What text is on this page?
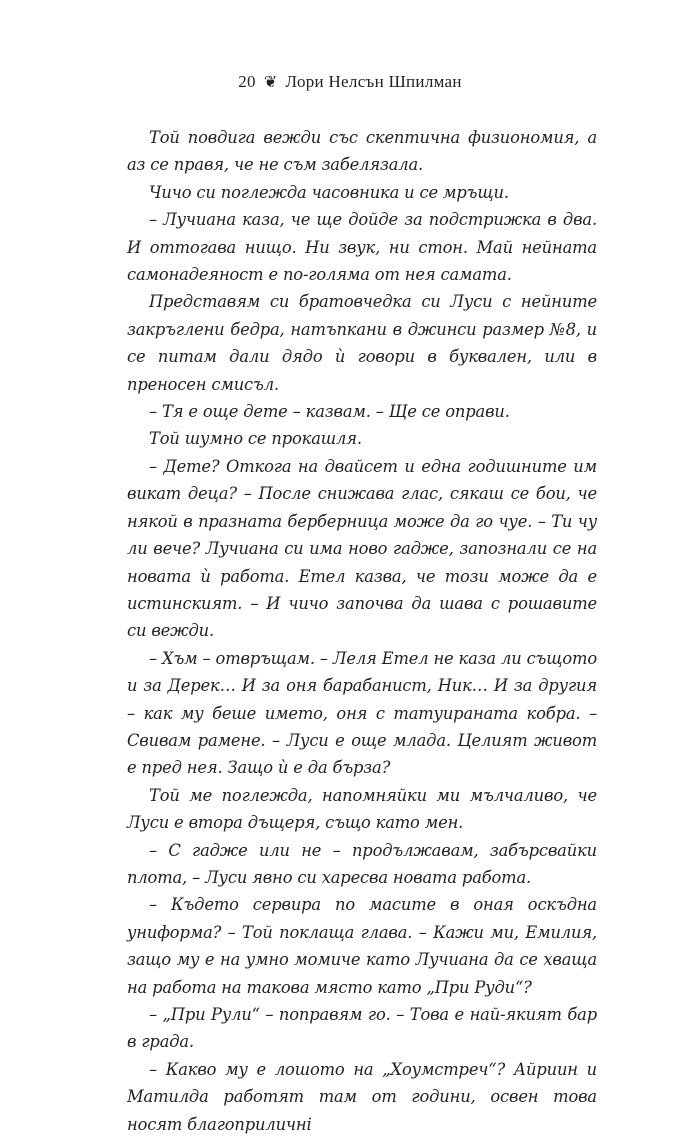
20 ❦ Лори Нелсън Шпилман

Той повдига вежди със скептична физиономия, а аз се правя, че не съм забелязала.

Чичо си поглежда часовника и се мръщи.

– Лучиана каза, че ще дойде за подстрижка в два. И оттогава нищо. Ни звук, ни стон. Май нейната самонадеяност е по-голяма от нея самата.

Представям си братовчедка си Луси с нейните закръглени бедра, натъпкани в джинси размер №8, и се питам дали дядо ѝ говори в буквален, или в преносен смисъл.

– Тя е още дете – казвам. – Ще се оправи.

Той шумно се прокашля.

– Дете? Откога на двайсет и една годишните им викат деца? – После снижава глас, сякаш се бои, че някой в празната берберница може да го чуе. – Ти чу ли вече? Лучиана си има ново гадже, запознали се на новата ѝ работа. Етел казва, че този може да е истинският. – И чичо започва да шава с рошавите си вежди.

– Хъм – отвръщам. – Леля Етел не каза ли същото и за Дерек… И за оня барабанист, Ник… И за другия – как му беше името, оня с татуираната кобра. – Свивам рамене. – Луси е още млада. Целият живот е пред нея. Защо ѝ е да бърза?

Той ме поглежда, напомняйки ми мълчаливо, че Луси е втора дъщеря, също като мен.

– С гадже или не – продължавам, забърсвайки плота, – Луси явно си харесва новата работа.

– Където сервира по масите в оная оскъдна униформа? – Той поклаща глава. – Кажи ми, Емилия, защо му е на умно момиче като Лучиана да се хваща на работа на такова място като „При Руди“?

– „При Рули“ – поправям го. – Това е най-якият бар в града.

– Какво му е лошото на „Хоумстреч“? Айриин и Матилда работят там от години, освен това носят благоприличні
